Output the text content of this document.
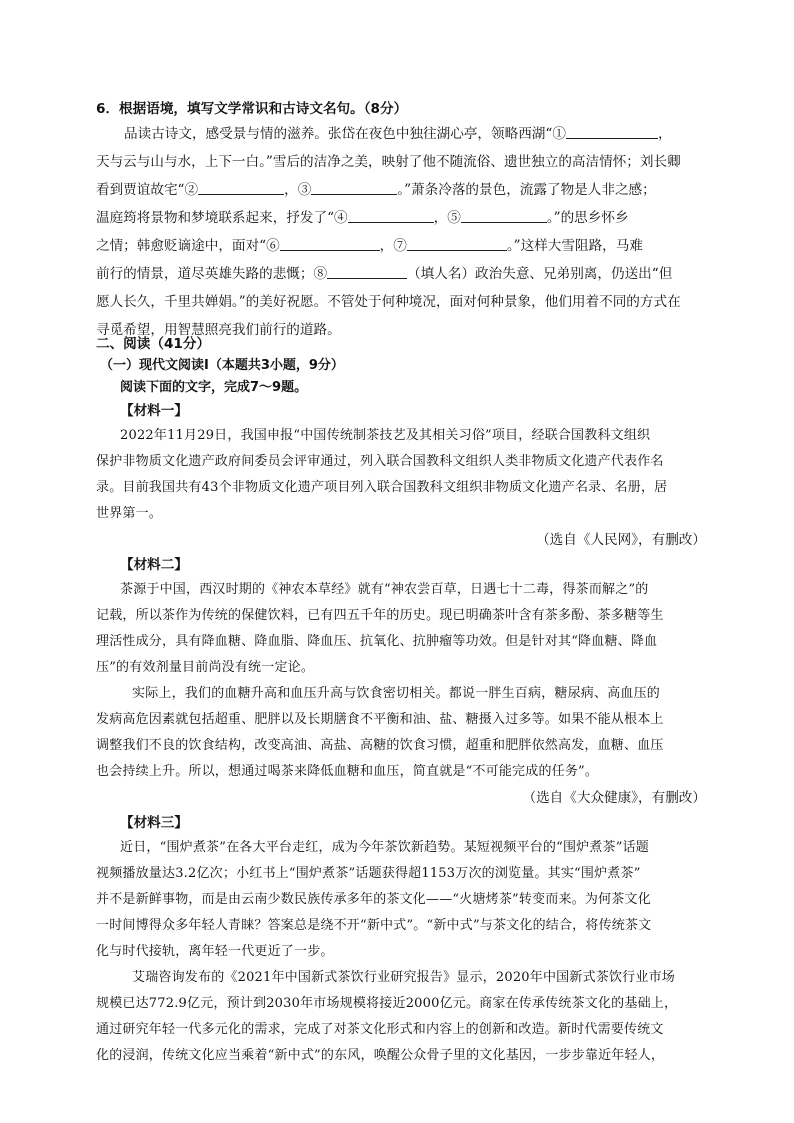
6．根据语境，填写文学常识和古诗文名句。（8分）
品读古诗文，感受景与情的滋养。张岱在夜色中独往湖心亭，领略西湖“①	，
天与云与山与水，上下一白。”雪后的洁净之美，映射了他不随流俗、遗世独立的高洁情怀；刘长卿
看到贾谊故宅“②	，③	。”萧条冷落的景色，流露了物是人非之感；
温庭筠将景物和梦境联系起来，抒发了“④	，⑤	。”的思乡怀乡
之情；韩愈贬谪途中，面对“⑥	，⑦	。”这样大雪阻路，马难
前行的情景，道尽英雄失路的悲慨；⑧	（填人名）政治失意、兄弟别离，仍送出“但
愿人长久，千里共婵娟。”的美好祝愿。不管处于何种境况，面对何种景象，他们用着不同的方式在
寻觅希望，用智慧照亮我们前行的道路。
二、阅读（41分）
（一）现代文阅读Ⅰ（本题共3小题，9分）
阅读下面的文字，完成7～9题。
【材料一】
2022年11月29日，我国申报“中国传统制茶技艺及其相关习俗”项目，经联合国教科文组织
保护非物质文化遗产政府间委员会评审通过，列入联合国教科文组织人类非物质文化遗产代表作名
录。目前我国共有43个非物质文化遗产项目列入联合国教科文组织非物质文化遗产名录、名册，居
世界第一。
（选自《人民网》，有删改）
【材料二】
茶源于中国，西汉时期的《神农本草经》就有“神农尝百草，日遇七十二毒，得茶而解之”的
记载，所以茶作为传统的保健饮料，已有四五千年的历史。现已明确茶叶含有茶多酚、茶多糖等生
理活性成分，具有降血糖、降血脂、降血压、抗氧化、抗肿瘤等功效。但是针对其“降血糖、降血
压”的有效剂量目前尚没有统一定论。
实际上，我们的血糖升高和血压升高与饮食密切相关。都说一胖生百病，糖尿病、高血压的
发病高危因素就包括超重、肥胖以及长期膳食不平衡和油、盐、糖摄入过多等。如果不能从根本上
调整我们不良的饮食结构，改变高油、高盐、高糖的饮食习惯，超重和肥胖依然高发，血糖、血压
也会持续上升。所以，想通过喝茶来降低血糖和血压，简直就是“不可能完成的任务”。
（选自《大众健康》，有删改）
【材料三】
近日，“围炉煮茶”在各大平台走红，成为今年茶饮新趋势。某短视频平台的“围炉煮茶”话题
视频播放量达3.2亿次；小红书上“围炉煮茶”话题获得超1153万次的浏览量。其实“围炉煮茶”
并不是新鲜事物，而是由云南少数民族传承多年的茶文化——“火塘烤茶”转变而来。为何茶文化
一时间博得众多年轻人青睐？答案总是绕不开“新中式”。“新中式”与茶文化的结合，将传统茶文
化与时代接轨，离年轻一代更近了一步。
艾瑞咨询发布的《2021年中国新式茶饮行业研究报告》显示，2020年中国新式茶饮行业市场
规模已达772.9亿元，预计到2030年市场规模将接近2000亿元。商家在传承传统茶文化的基础上，
通过研究年轻一代多元化的需求，完成了对茶文化形式和内容上的创新和改造。新时代需要传统文
化的浸润，传统文化应当乘着“新中式”的东风，唤醒公众骨子里的文化基因，一步步靠近年轻人，
